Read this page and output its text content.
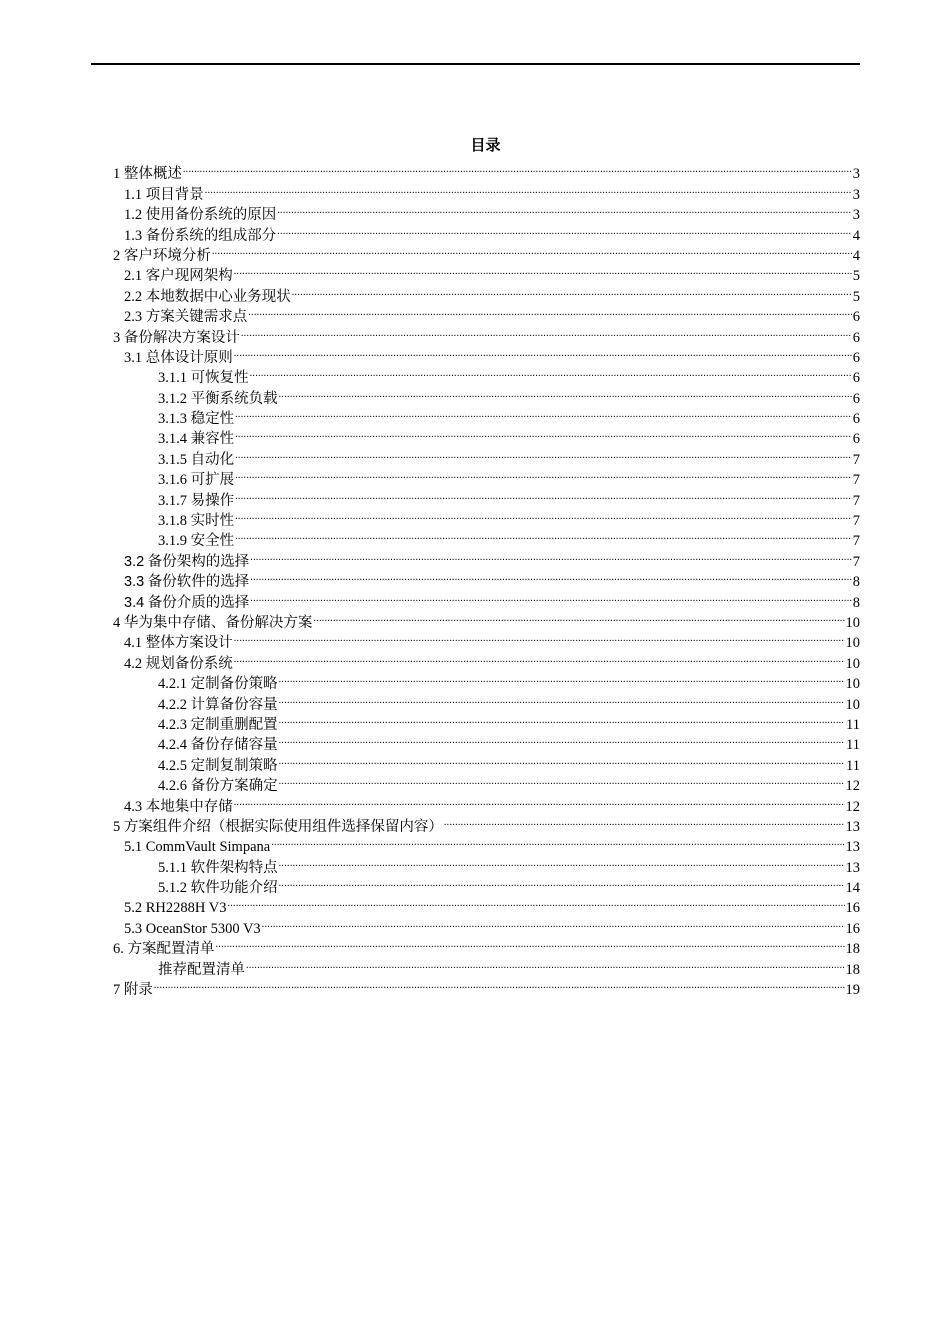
目录
1 整体概述 .....	3
1.1 项目背景 .....	3
1.2 使用备份系统的原因 .....	3
1.3 备份系统的组成部分 .....	4
2 客户环境分析 .....	4
2.1 客户现网架构 .....	5
2.2 本地数据中心业务现状 .....	5
2.3 方案关键需求点 .....	6
3 备份解决方案设计 .....	6
3.1 总体设计原则 .....	6
3.1.1 可恢复性 .....	6
3.1.2 平衡系统负载 .....	6
3.1.3 稳定性 .....	6
3.1.4 兼容性 .....	6
3.1.5 自动化 .....	7
3.1.6 可扩展 .....	7
3.1.7 易操作 .....	7
3.1.8 实时性 .....	7
3.1.9 安全性 .....	7
3.2 备份架构的选择 .....	7
3.3 备份软件的选择 .....	8
3.4 备份介质的选择 .....	8
4 华为集中存储、备份解决方案 .....	10
4.1 整体方案设计 .....	10
4.2 规划备份系统 .....	10
4.2.1 定制备份策略 .....	10
4.2.2 计算备份容量 .....	10
4.2.3 定制重删配置 .....	11
4.2.4 备份存储容量 .....	11
4.2.5 定制复制策略 .....	11
4.2.6 备份方案确定 .....	12
4.3 本地集中存储 .....	12
5 方案组件介绍（根据实际使用组件选择保留内容） .....	13
5.1 CommVault Simpana .....	13
5.1.1 软件架构特点 .....	13
5.1.2 软件功能介绍 .....	14
5.2 RH2288H V3 .....	16
5.3 OceanStor 5300 V3 .....	16
6. 方案配置清单 .....	18
推荐配置清单 .....	18
7 附录 .....	19
